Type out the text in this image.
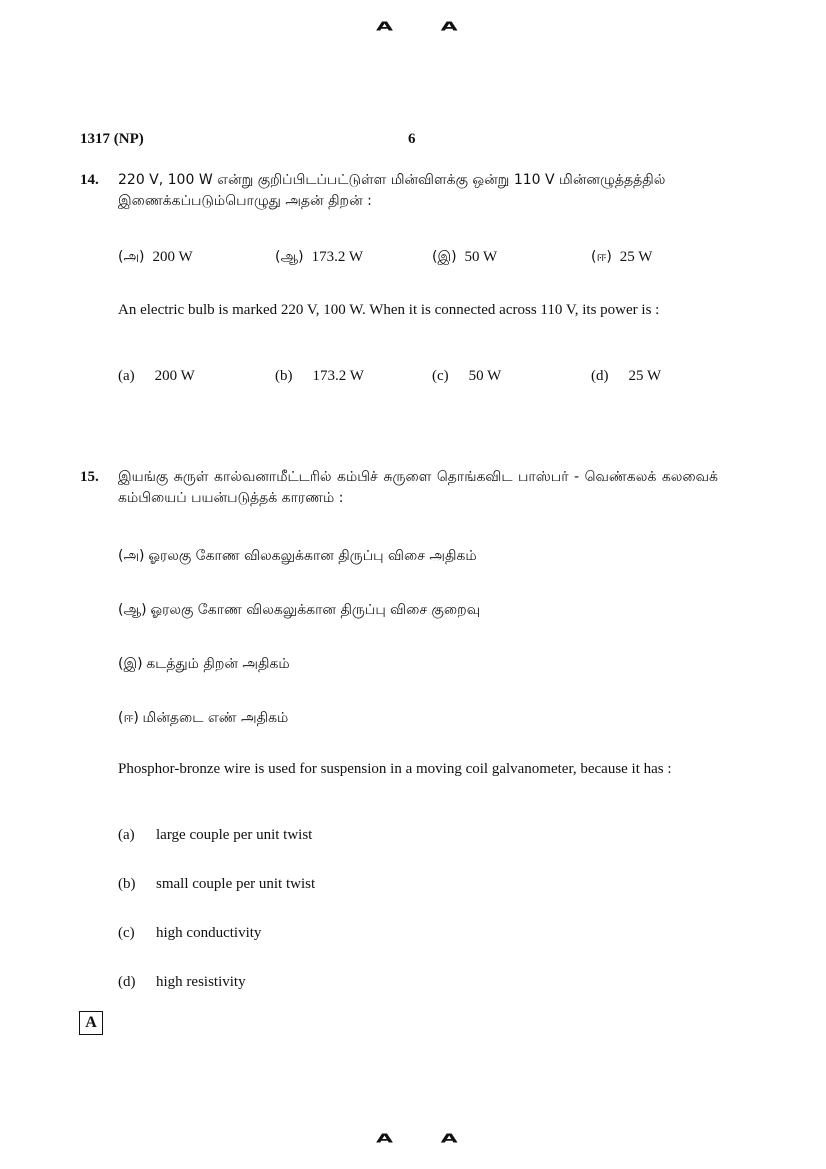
A A
1317 (NP)	6
14. 220 V, 100 W என்று குறிப்பிடப்பட்டுள்ள மின்விளக்கு ஒன்று 110 V மின்னழுத்தத்தில் இணைக்கப்படும்பொழுது அதன் திறன் :
(அ) 200 W	(ஆ) 173.2 W	(இ) 50 W	(ஈ) 25 W
An electric bulb is marked 220 V, 100 W. When it is connected across 110 V, its power is :
(a) 200 W	(b) 173.2 W	(c) 50 W	(d) 25 W
15. இயங்கு சுருள் கால்வனாமீட்டரில் கம்பிச் சுருளை தொங்கவிட பாஸ்பர் - வெண்கலக் கலவைக் கம்பியைப் பயன்படுத்தக் காரணம் :
(அ) ஓரலகு கோண விலகலுக்கான திருப்பு விசை அதிகம்
(ஆ) ஓரலகு கோண விலகலுக்கான திருப்பு விசை குறைவு
(இ) கடத்தும் திறன் அதிகம்
(ஈ) மின்தடை எண் அதிகம்
Phosphor-bronze wire is used for suspension in a moving coil galvanometer, because it has :
(a) large couple per unit twist
(b) small couple per unit twist
(c) high conductivity
(d) high resistivity
A
A A
